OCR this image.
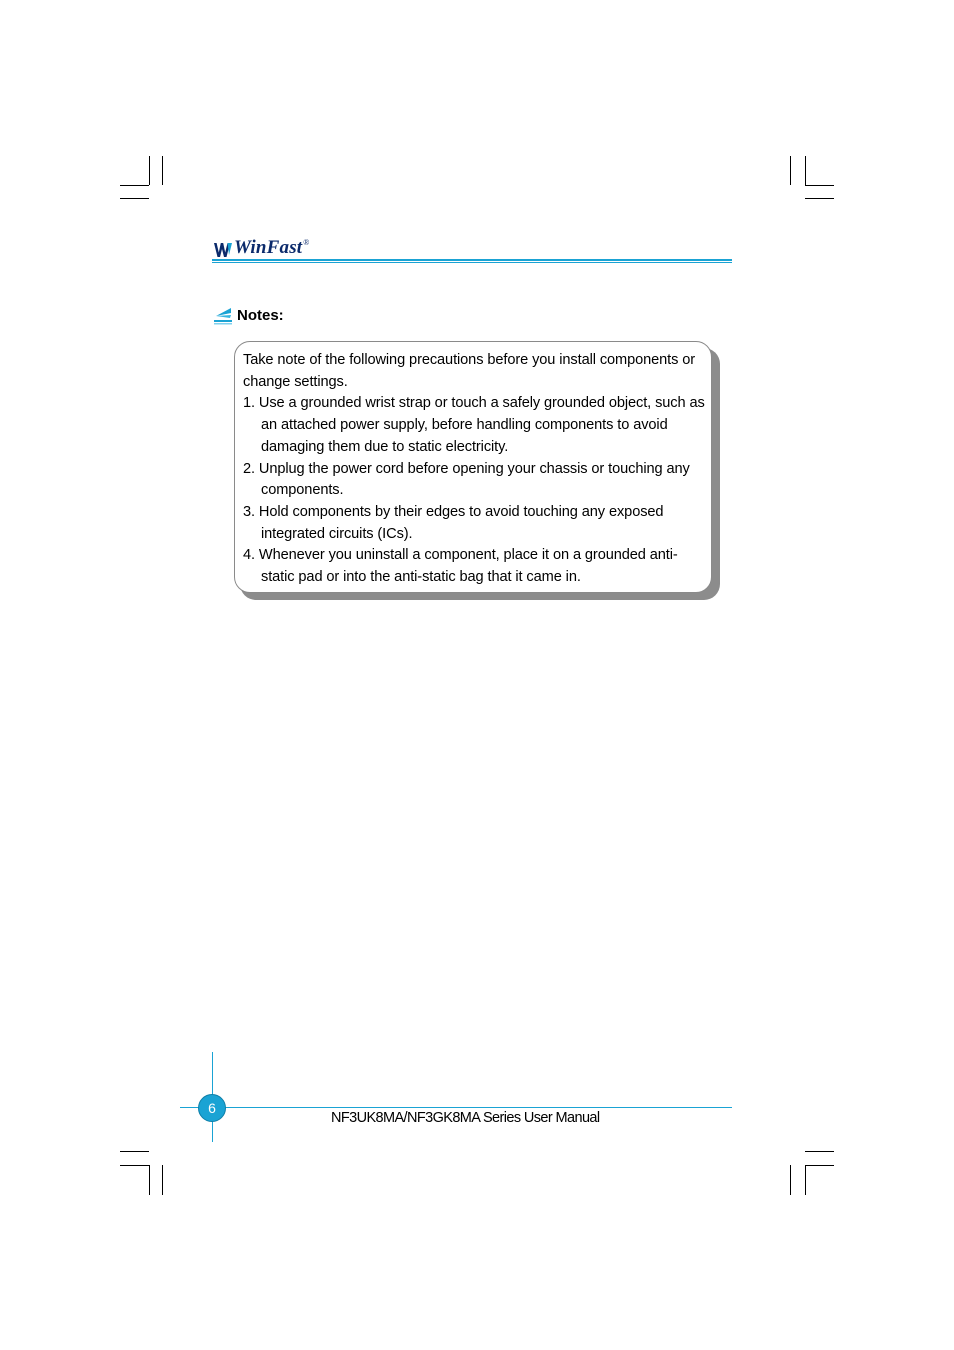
WinFast ®
Notes:

Take note of the following precautions before you install components or change settings.

1. Use a grounded wrist strap or touch a safely grounded object, such as an attached power supply, before handling components to avoid damaging them due to static electricity.

2. Unplug the power cord before opening your chassis or touching any components.

3. Hold components by their edges to avoid touching any exposed integrated circuits (ICs).

4. Whenever you uninstall a component, place it on a grounded anti-static pad or into the anti-static bag that it came in.

6
NF3UK8MA/NF3GK8MA Series User Manual
